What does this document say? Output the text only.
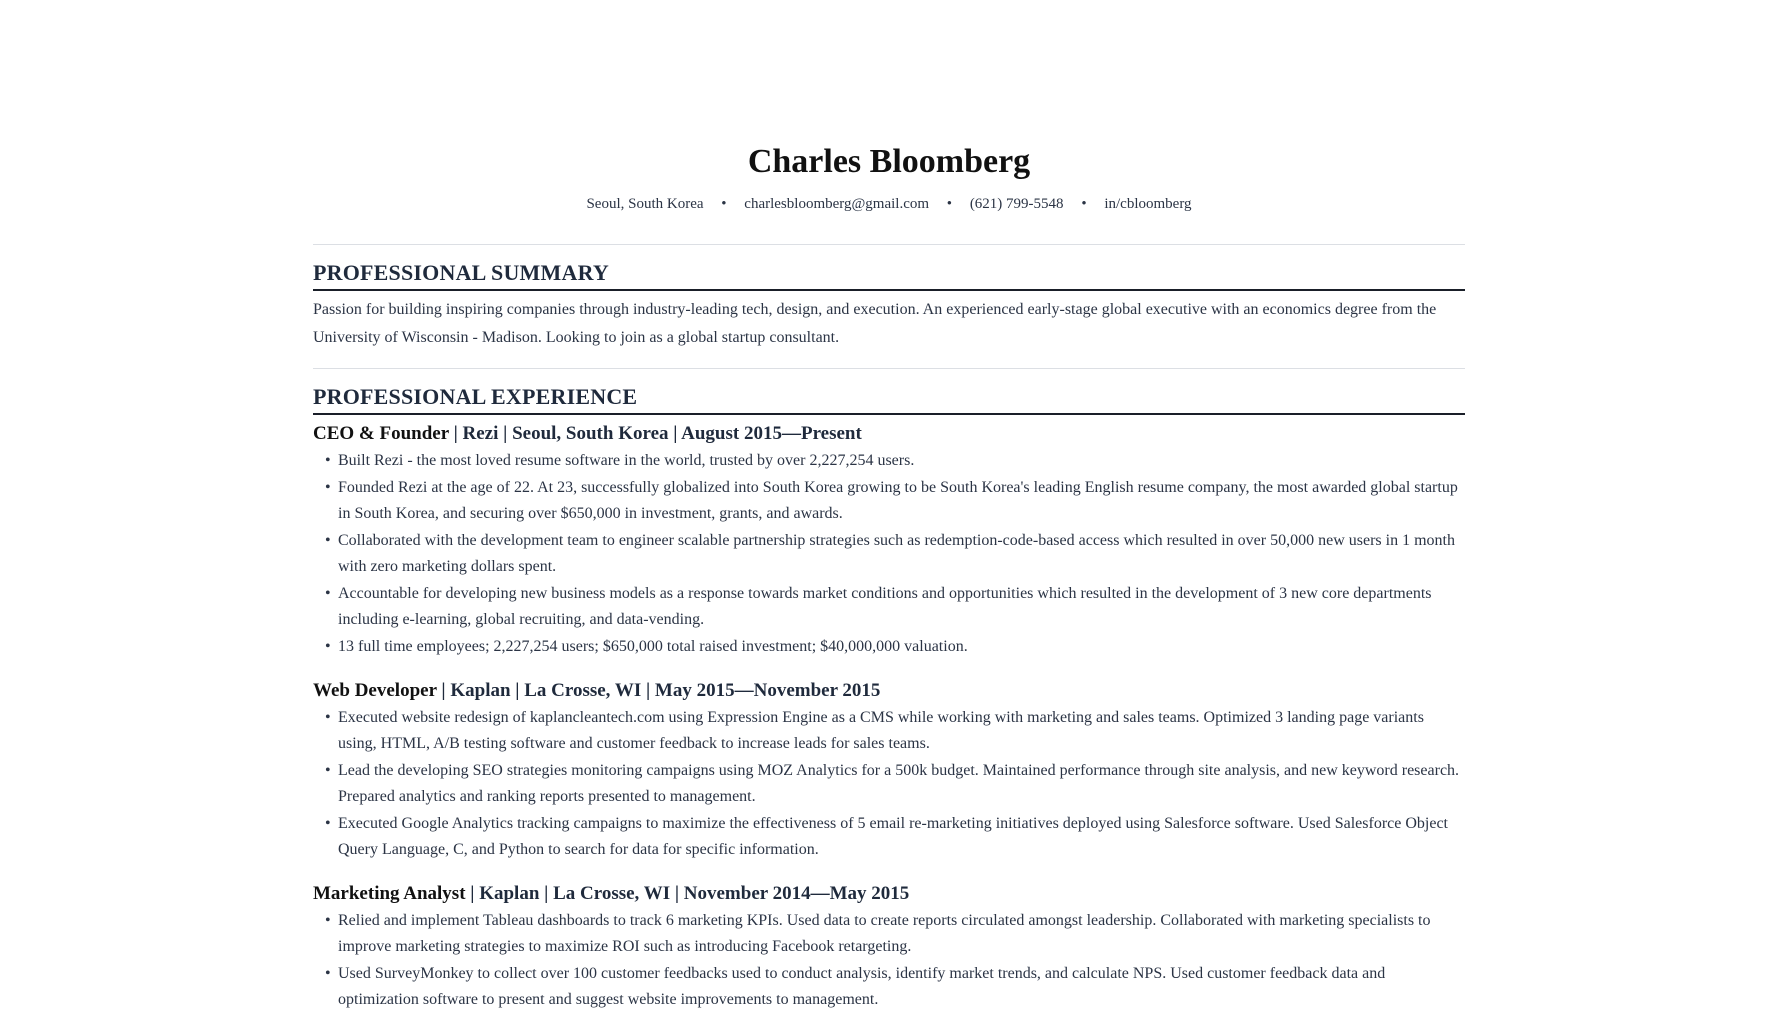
Charles Bloomberg
Seoul, South Korea • charlesbloomberg@gmail.com • (621) 799-5548 • in/cbloomberg
PROFESSIONAL SUMMARY

Passion for building inspiring companies through industry-leading tech, design, and execution. An experienced early-stage global executive with an economics degree from the University of Wisconsin - Madison. Looking to join as a global startup consultant.

PROFESSIONAL EXPERIENCE

CEO & Founder | Rezi | Seoul, South Korea | August 2015—Present

• Built Rezi - the most loved resume software in the world, trusted by over 2,227,254 users.
• Founded Rezi at the age of 22. At 23, successfully globalized into South Korea growing to be South Korea's leading English resume company, the most awarded global startup in South Korea, and securing over $650,000 in investment, grants, and awards.
• Collaborated with the development team to engineer scalable partnership strategies such as redemption-code-based access which resulted in over 50,000 new users in 1 month with zero marketing dollars spent.
• Accountable for developing new business models as a response towards market conditions and opportunities which resulted in the development of 3 new core departments including e-learning, global recruiting, and data-vending.
• 13 full time employees; 2,227,254 users; $650,000 total raised investment; $40,000,000 valuation.

Web Developer | Kaplan | La Crosse, WI | May 2015—November 2015

• Executed website redesign of kaplancleantech.com using Expression Engine as a CMS while working with marketing and sales teams. Optimized 3 landing page variants using, HTML, A/B testing software and customer feedback to increase leads for sales teams.
• Lead the developing SEO strategies monitoring campaigns using MOZ Analytics for a 500k budget. Maintained performance through site analysis, and new keyword research. Prepared analytics and ranking reports presented to management.
• Executed Google Analytics tracking campaigns to maximize the effectiveness of 5 email re-marketing initiatives deployed using Salesforce software. Used Salesforce Object Query Language, C, and Python to search for data for specific information.

Marketing Analyst | Kaplan | La Crosse, WI | November 2014—May 2015

• Relied and implement Tableau dashboards to track 6 marketing KPIs. Used data to create reports circulated amongst leadership. Collaborated with marketing specialists to improve marketing strategies to maximize ROI such as introducing Facebook retargeting.
• Used SurveyMonkey to collect over 100 customer feedbacks used to conduct analysis, identify market trends, and calculate NPS. Used customer feedback data and optimization software to present and suggest website improvements to management.
